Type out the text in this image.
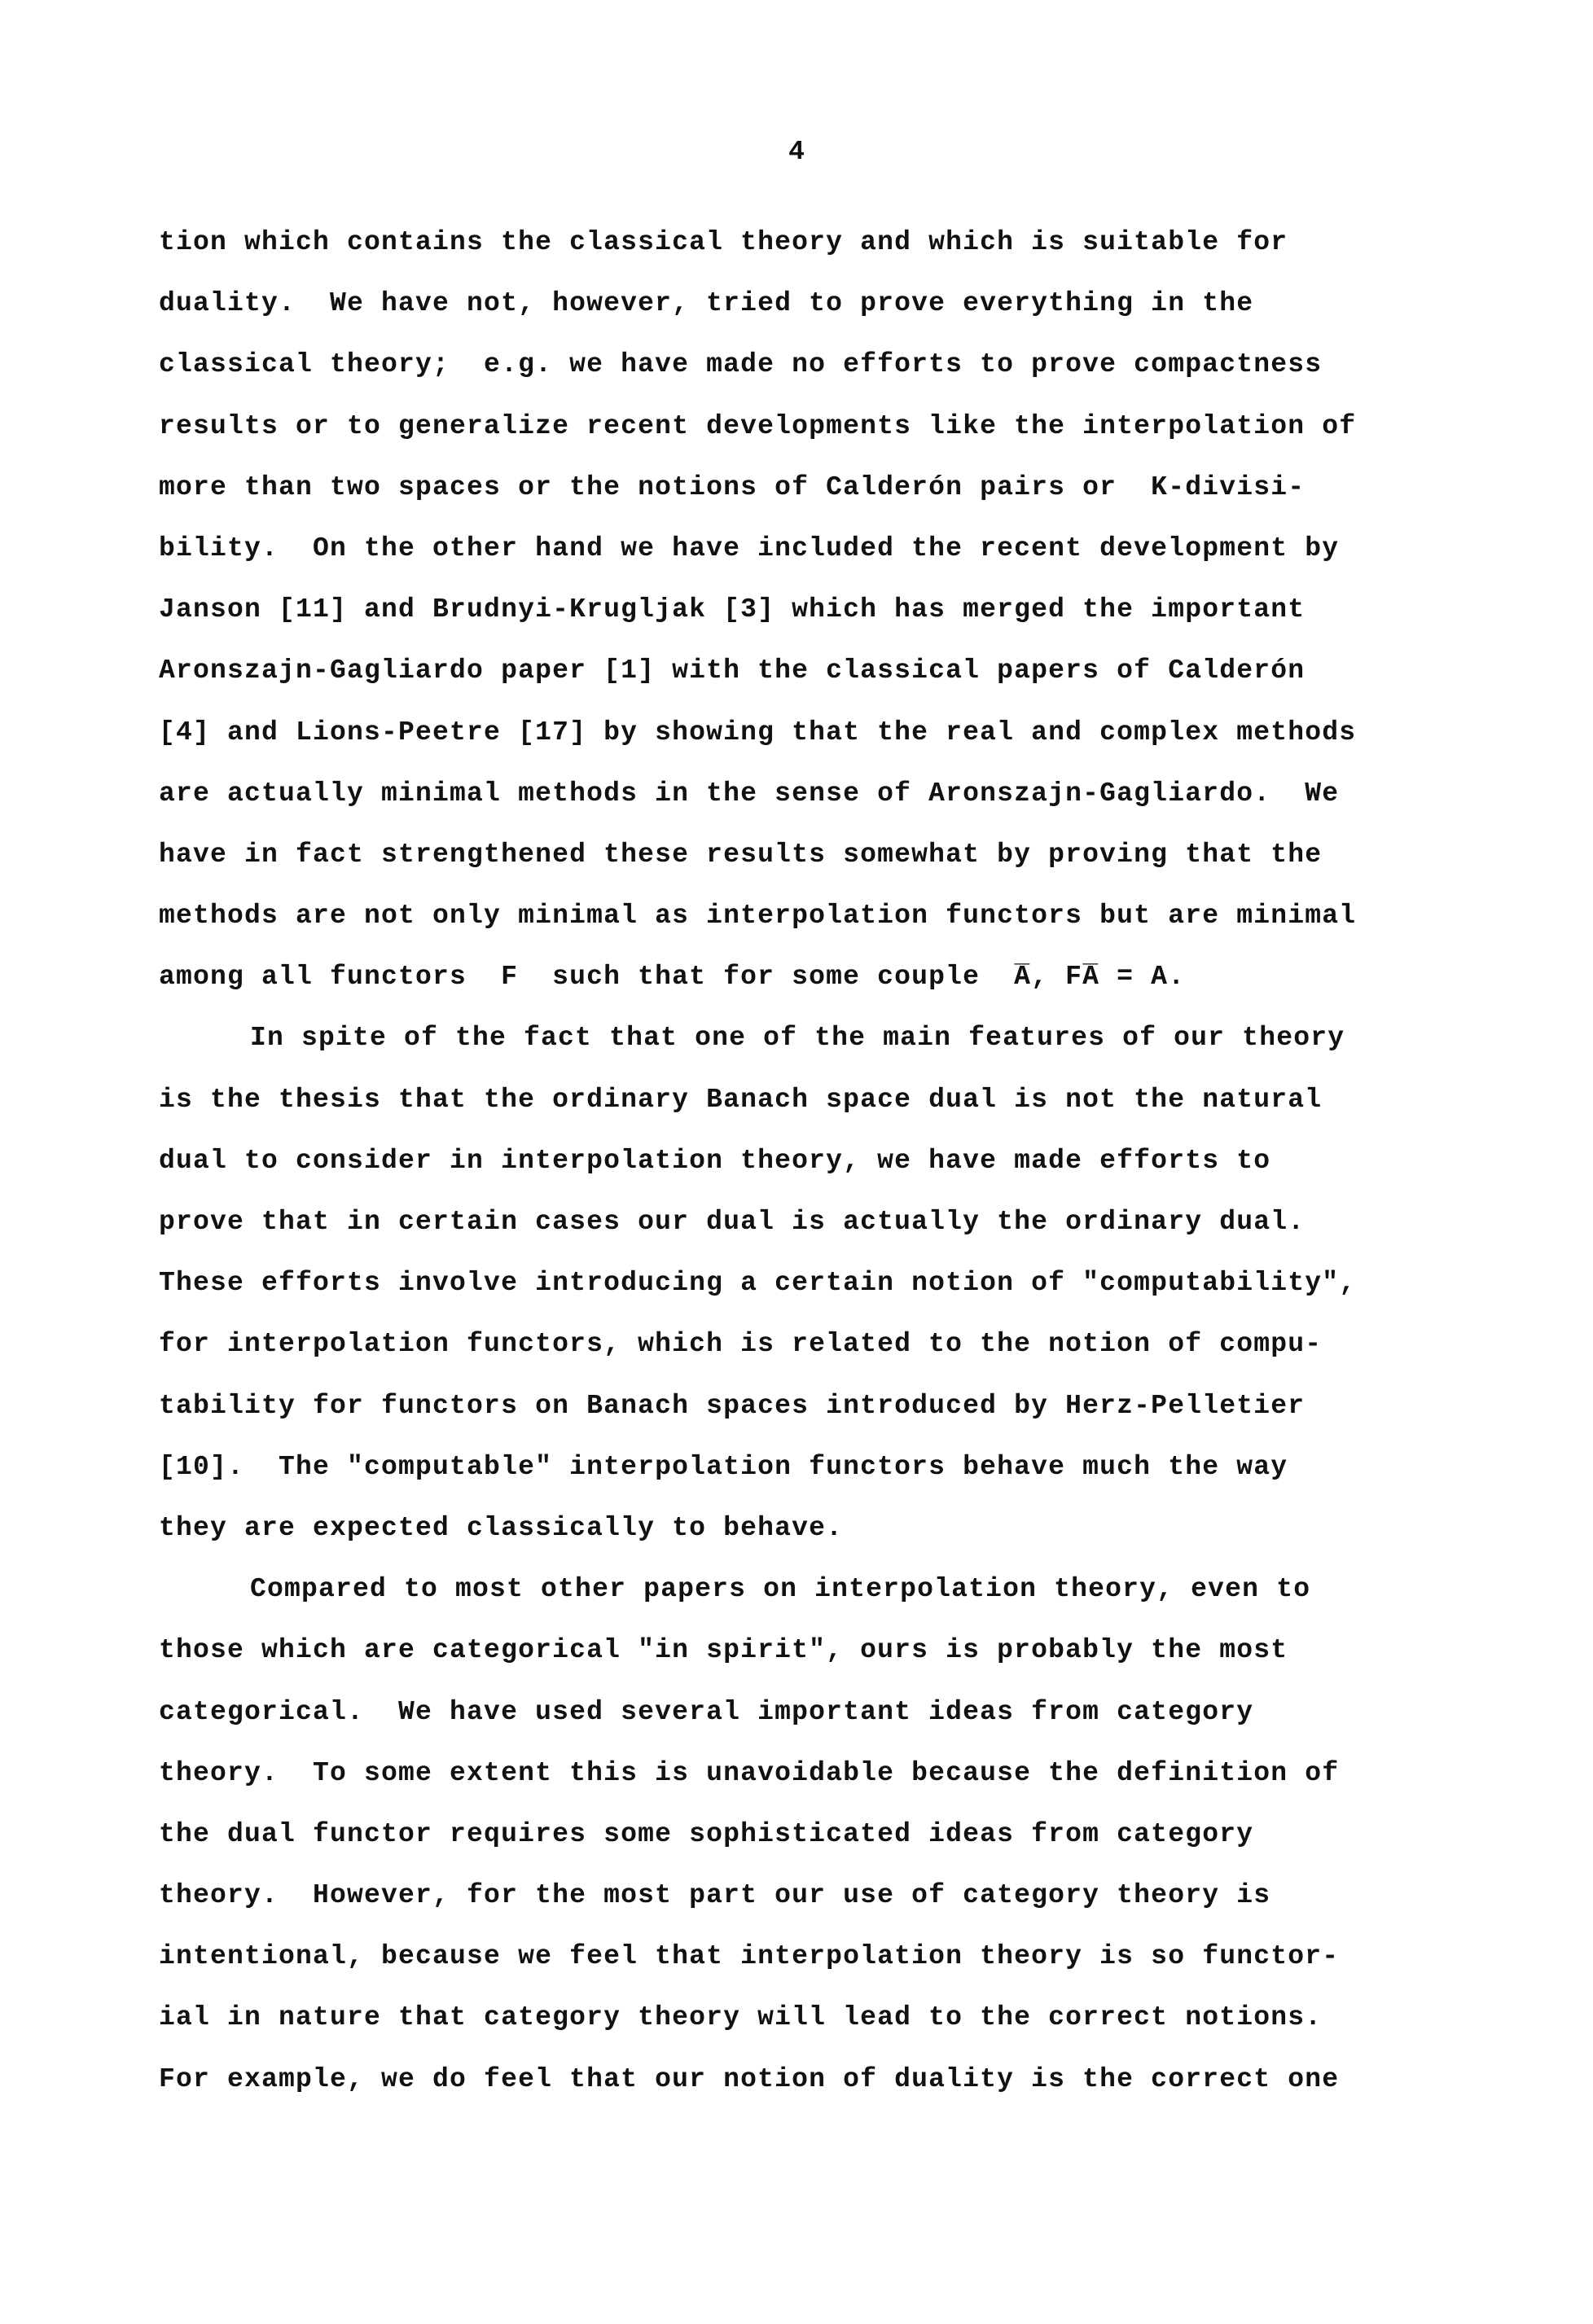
4
tion which contains the classical theory and which is suitable for
duality.  We have not, however, tried to prove everything in the
classical theory;  e.g. we have made no efforts to prove compactness
results or to generalize recent developments like the interpolation of
more than two spaces or the notions of Calderón pairs or  K-divisi-
bility.  On the other hand we have included the recent development by
Janson [11] and Brudnyi-Krugljak [3] which has merged the important
Aronszajn-Gagliardo paper [1] with the classical papers of Calderón
[4] and Lions-Peetre [17] by showing that the real and complex methods
are actually minimal methods in the sense of Aronszajn-Gagliardo.  We
have in fact strengthened these results somewhat by proving that the
methods are not only minimal as interpolation functors but are minimal
among all functors  F  such that for some couple  A̅, FA̅ = A.
In spite of the fact that one of the main features of our theory
is the thesis that the ordinary Banach space dual is not the natural
dual to consider in interpolation theory, we have made efforts to
prove that in certain cases our dual is actually the ordinary dual.
These efforts involve introducing a certain notion of "computability",
for interpolation functors, which is related to the notion of compu-
tability for functors on Banach spaces introduced by Herz-Pelletier
[10].  The "computable" interpolation functors behave much the way
they are expected classically to behave.
Compared to most other papers on interpolation theory, even to
those which are categorical "in spirit", ours is probably the most
categorical.  We have used several important ideas from category
theory.  To some extent this is unavoidable because the definition of
the dual functor requires some sophisticated ideas from category
theory.  However, for the most part our use of category theory is
intentional, because we feel that interpolation theory is so functor-
ial in nature that category theory will lead to the correct notions.
For example, we do feel that our notion of duality is the correct one
